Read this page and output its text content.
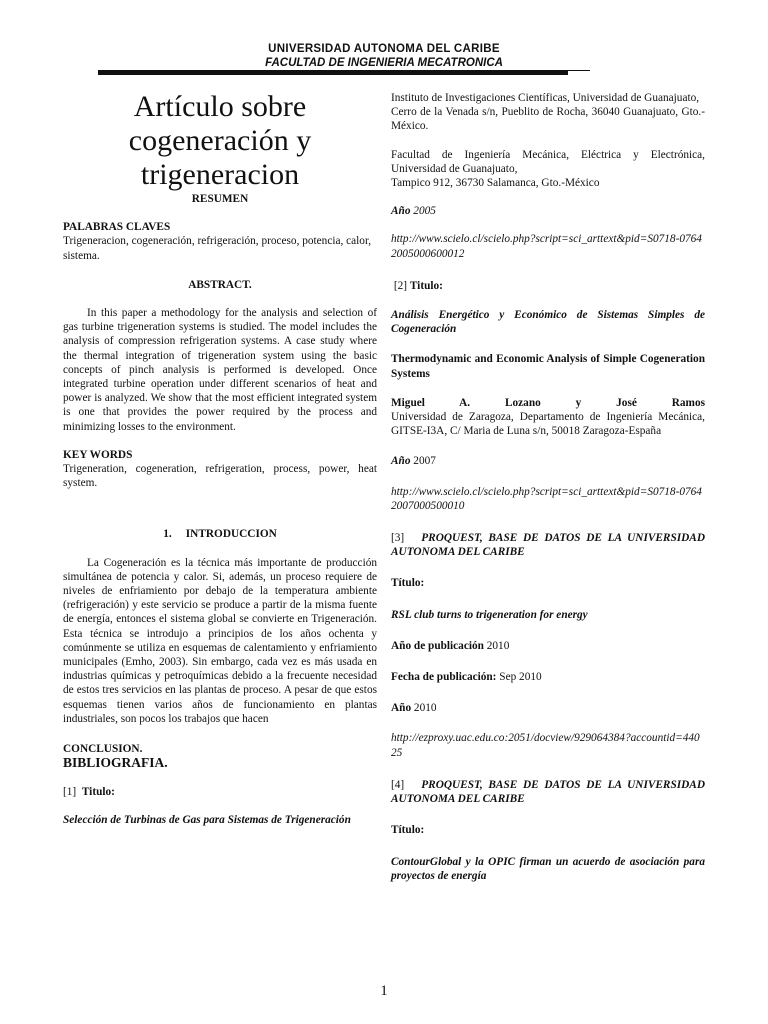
UNIVERSIDAD AUTONOMA DEL CARIBE
FACULTAD DE INGENIERIA MECATRONICA
Artículo sobre
cogeneración y
trigeneracion

RESUMEN

PALABRAS CLAVES

Trigeneracion, cogeneración, refrigeración, proceso, potencia, calor, sistema.

ABSTRACT.

In this paper a methodology for the analysis and selection of gas turbine trigeneration systems is studied. The model includes the analysis of compression refrigeration systems. A case study where the thermal integration of trigeneration system using the basic concepts of pinch analysis is performed is developed. Once integrated turbine operation under different scenarios of heat and power is analyzed. We show that the most efficient integrated system is one that provides the power required by the process and minimizing losses to the environment.

KEY WORDS

Trigeneration, cogeneration, refrigeration, process, power, heat system.

1.     INTRODUCCION

La Cogeneración es la técnica más importante de producción simultánea de potencia y calor. Si, además, un proceso requiere de niveles de enfriamiento por debajo de la temperatura ambiente (refrigeración) y este servicio se produce a partir de la misma fuente de energía, entonces el sistema global se convierte en Trigeneración. Esta técnica se introdujo a principios de los años ochenta y comúnmente se utiliza en esquemas de calentamiento y enfriamiento municipales (Emho, 2003). Sin embargo, cada vez es más usada en industrias químicas y petroquímicas debido a la frecuente necesidad de estos tres servicios en las plantas de proceso. A pesar de que estos esquemas tienen varios años de funcionamiento en plantas industriales, son pocos los trabajos que hacen

CONCLUSION.

BIBLIOGRAFIA.

[1] Titulo:

Selección de Turbinas de Gas para Sistemas de Trigeneración

Instituto de Investigaciones Científicas, Universidad de Guanajuato,

Cerro de la Venada s/n, Pueblito de Rocha, 36040 Guanajuato, Gto.-México.

Facultad de Ingeniería Mecánica, Eléctrica y Electrónica, Universidad de Guanajuato,

Tampico 912, 36730 Salamanca, Gto.-México

Año 2005

http://www.scielo.cl/scielo.php?script=sci_arttext&pid=S0718-07642005000600012

[2] Titulo:

Análisis Energético y Económico de Sistemas Simples de Cogeneración

Thermodynamic and Economic Analysis of Simple Cogeneration Systems

Miguel A. Lozano y José Ramos

Universidad de Zaragoza, Departamento de Ingeniería Mecánica, GITSE-I3A, C/ Maria de Luna s/n, 50018 Zaragoza-España

Año 2007

http://www.scielo.cl/scielo.php?script=sci_arttext&pid=S0718-07642007000500010

[3] PROQUEST, BASE DE DATOS DE LA UNIVERSIDAD AUTONOMA DEL CARIBE

Título:

RSL club turns to trigeneration for energy

Año de publicación 2010

Fecha de publicación: Sep 2010

Año 2010

http://ezproxy.uac.edu.co:2051/docview/929064384?accountid=44025

[4] PROQUEST, BASE DE DATOS DE LA UNIVERSIDAD AUTONOMA DEL CARIBE

Título:

ContourGlobal y la OPIC firman un acuerdo de asociación para proyectos de energía

1
